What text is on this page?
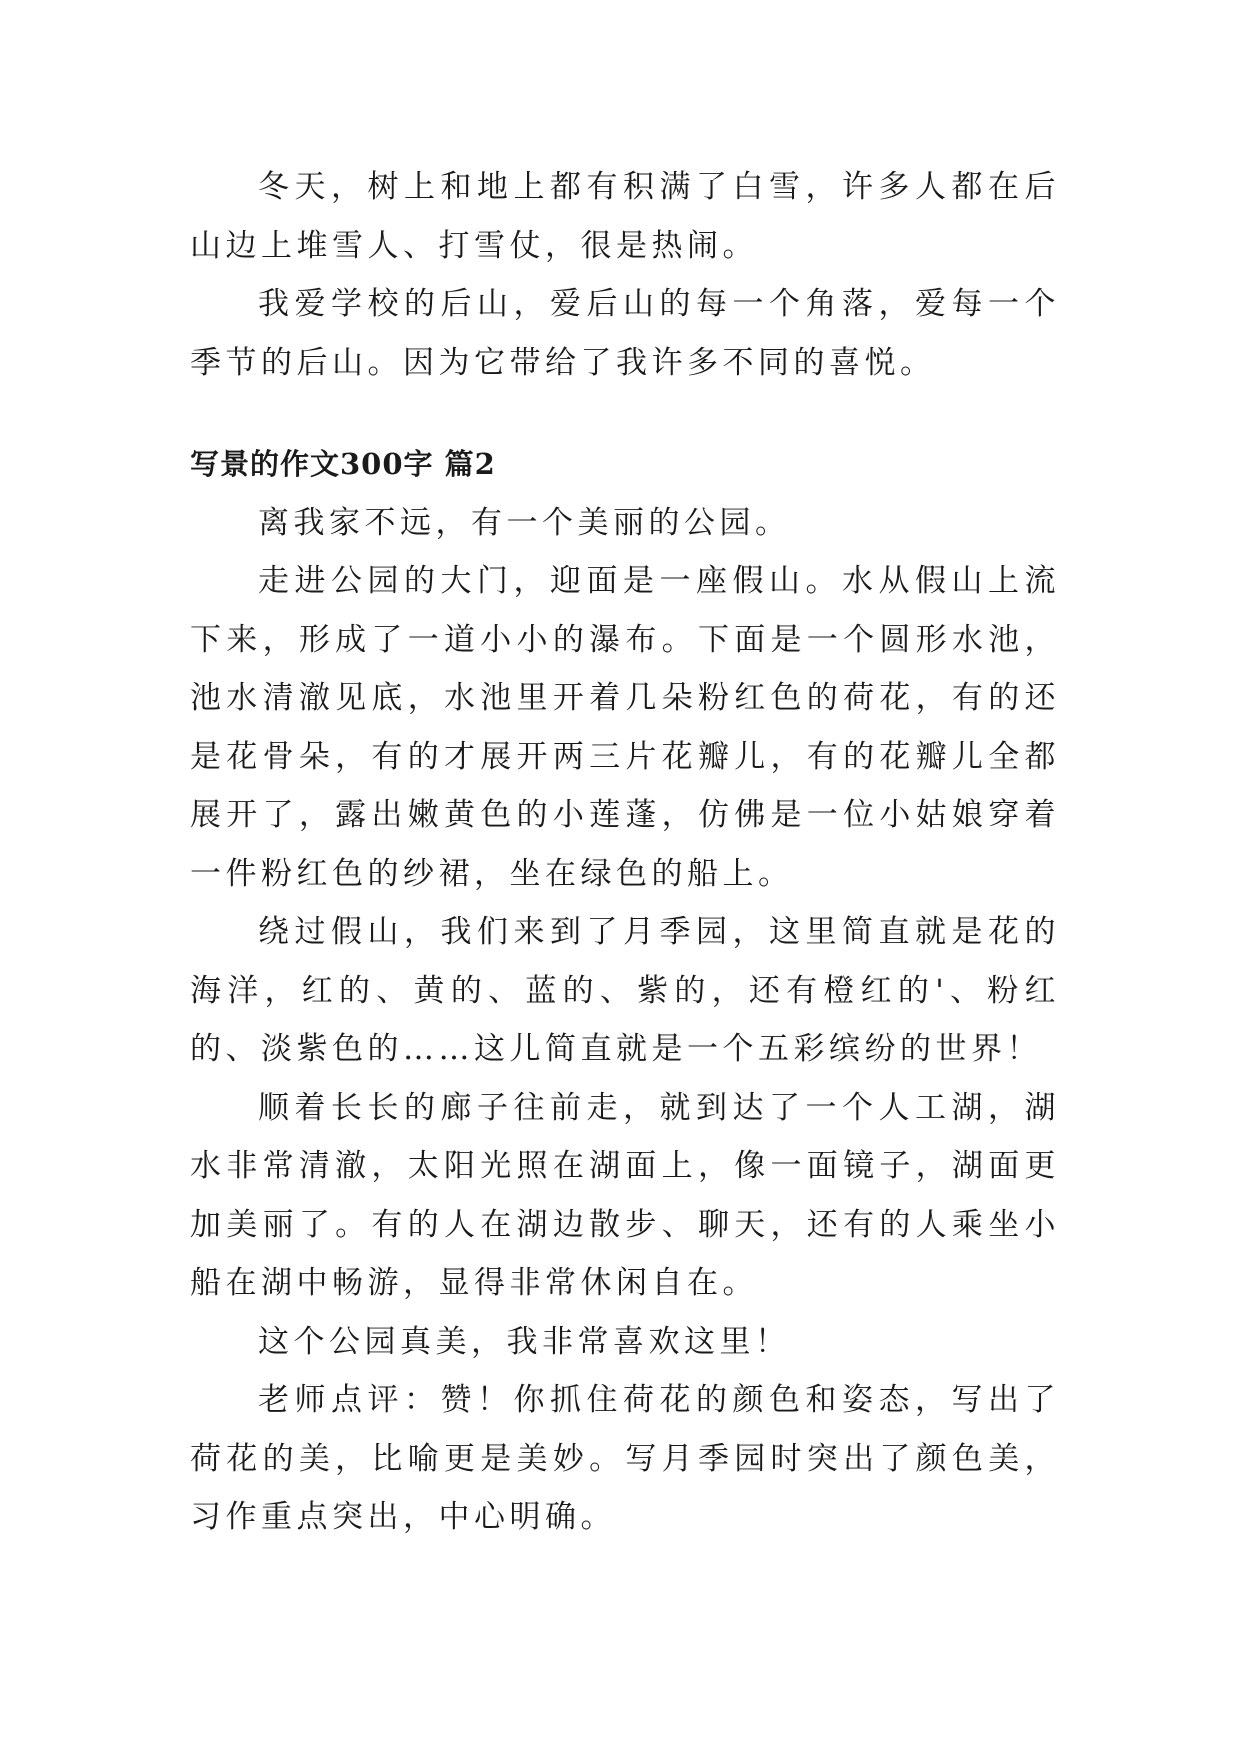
冬天，树上和地上都有积满了白雪，许多人都在后山边上堆雪人、打雪仗，很是热闹。

我爱学校的后山，爱后山的每一个角落，爱每一个季节的后山。因为它带给了我许多不同的喜悦。

写景的作文300字 篇2

离我家不远，有一个美丽的公园。

走进公园的大门，迎面是一座假山。水从假山上流下来，形成了一道小小的瀑布。下面是一个圆形水池，池水清澈见底，水池里开着几朵粉红色的荷花，有的还是花骨朵，有的才展开两三片花瓣儿，有的花瓣儿全都展开了，露出嫩黄色的小莲蓬，仿佛是一位小姑娘穿着一件粉红色的纱裙，坐在绿色的船上。

绕过假山，我们来到了月季园，这里简直就是花的海洋，红的、黄的、蓝的、紫的，还有橙红的'、粉红的、淡紫色的……这儿简直就是一个五彩缤纷的世界！

顺着长长的廊子往前走，就到达了一个人工湖，湖水非常清澈，太阳光照在湖面上，像一面镜子，湖面更加美丽了。有的人在湖边散步、聊天，还有的人乘坐小船在湖中畅游，显得非常休闲自在。

这个公园真美，我非常喜欢这里！

老师点评：赞！你抓住荷花的颜色和姿态，写出了荷花的美，比喻更是美妙。写月季园时突出了颜色美，习作重点突出，中心明确。
